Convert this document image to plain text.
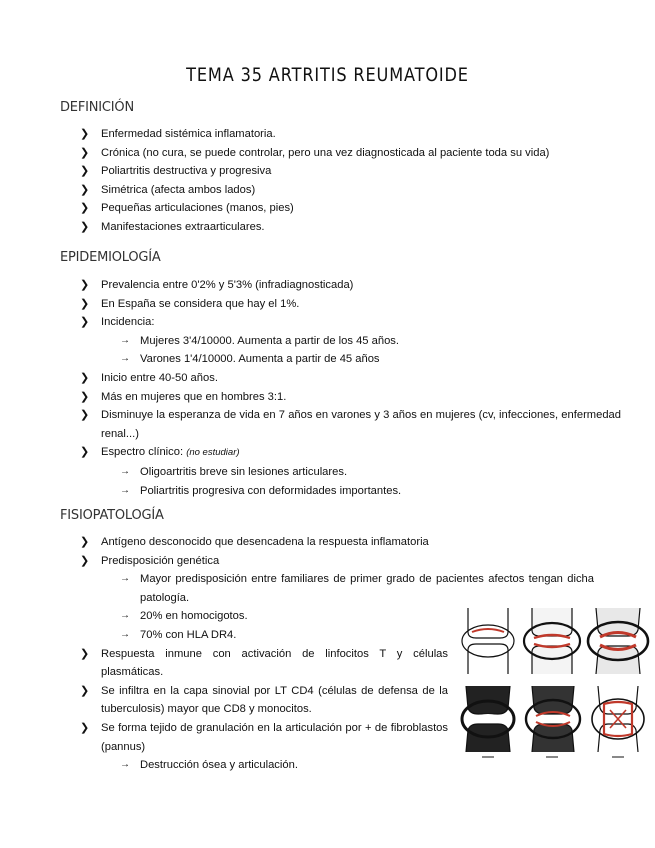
TEMA 35 ARTRITIS REUMATOIDE
DEFINICIÓN
❯ Enfermedad sistémica inflamatoria.
❯ Crónica (no cura, se puede controlar, pero una vez diagnosticada al paciente toda su vida)
❯ Poliartritis destructiva y progresiva
❯ Simétrica (afecta ambos lados)
❯ Pequeñas articulaciones (manos, pies)
❯ Manifestaciones extraarticulares.
EPIDEMIOLOGÍA
❯ Prevalencia entre 0'2% y 5'3% (infradiagnosticada)
❯ En España se considera que hay el 1%.
❯ Incidencia:
→ Mujeres 3'4/10000. Aumenta a partir de los 45 años.
→ Varones 1'4/10000. Aumenta a partir de 45 años
❯ Inicio entre 40-50 años.
❯ Más en mujeres que en hombres 3:1.
❯ Disminuye la esperanza de vida en 7 años en varones y 3 años en mujeres (cv, infecciones, enfermedad renal...)
❯ Espectro clínico: (no estudiar)
→ Oligoartritis breve sin lesiones articulares.
→ Poliartritis progresiva con deformidades importantes.
FISIOPATOLOGÍA
❯ Antígeno desconocido que desencadena la respuesta inflamatoria
❯ Predisposición genética
→ Mayor predisposición entre familiares de primer grado de pacientes afectos tengan dicha patología.
→ 20% en homocigotos.
→ 70% con HLA DR4.
❯ Respuesta inmune con activación de linfocitos T y células plasmáticas.
❯ Se infiltra en la capa sinovial por LT CD4 (células de defensa de la tuberculosis) mayor que CD8 y monocitos.
❯ Se forma tejido de granulación en la articulación por + de fibroblastos (pannus)
→ Destrucción ósea y articulación.
